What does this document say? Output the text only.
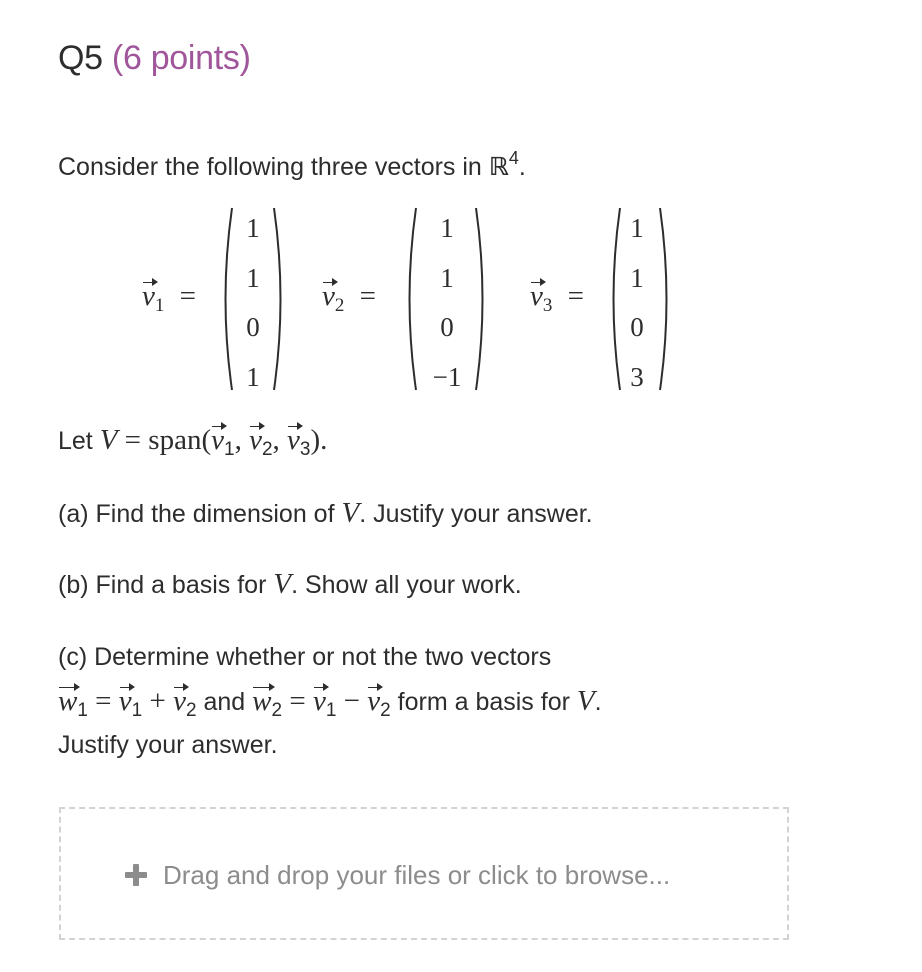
Q5 (6 points)
Consider the following three vectors in ℝ$^4$.
$v_1$ =
1
1
0
1
$v_2$ =
1
1
0
−1
$v_3$ =
1
1
0
3
Let $V = span(v_1$, $v_2$, $v_3$).
(a) Find the dimension of V. Justify your answer.
(b) Find a basis for V. Show all your work.
(c) Determine whether or not the two vectors
$w_1 = v_1 + v_2$ and $w_2 = v_1 - v_2$ form a basis for V.
Justify your answer.
Drag and drop your files or click to browse...
